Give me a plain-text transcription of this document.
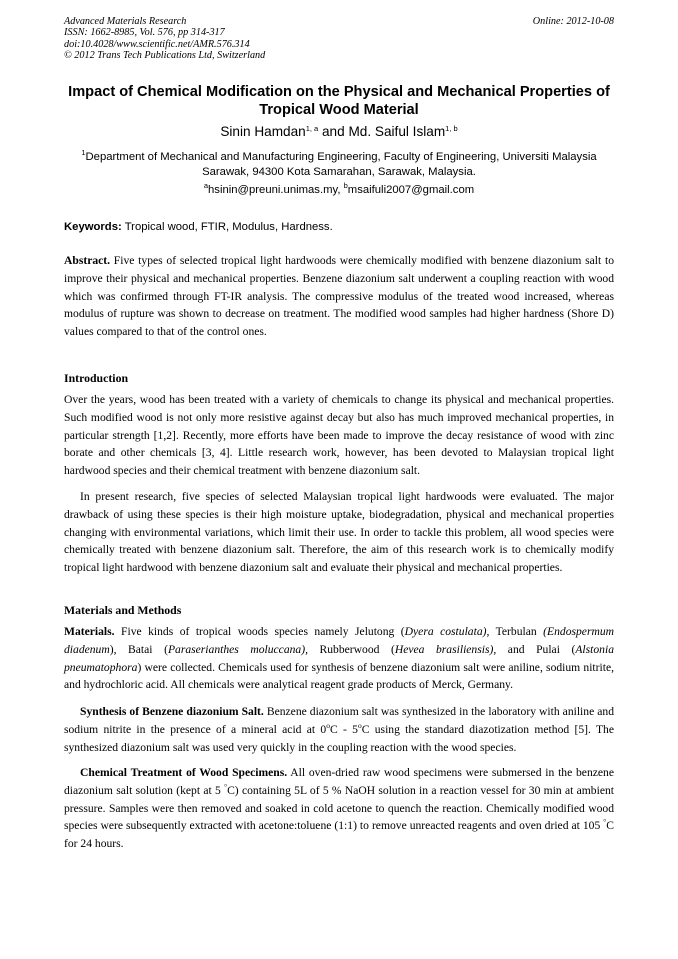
Advanced Materials Research
ISSN: 1662-8985, Vol. 576, pp 314-317
doi:10.4028/www.scientific.net/AMR.576.314
© 2012 Trans Tech Publications Ltd, Switzerland
Online: 2012-10-08
Impact of Chemical Modification on the Physical and Mechanical Properties of Tropical Wood Material
Sinin Hamdan$^{1, a}$ and Md. Saiful Islam$^{1, b}$
$^1$Department of Mechanical and Manufacturing Engineering, Faculty of Engineering, Universiti Malaysia Sarawak, 94300 Kota Samarahan, Sarawak, Malaysia.
$^a$hsinin@preuni.unimas.my, $^b$msaifuli2007@gmail.com
Keywords: Tropical wood, FTIR, Modulus, Hardness.
Abstract. Five types of selected tropical light hardwoods were chemically modified with benzene diazonium salt to improve their physical and mechanical properties. Benzene diazonium salt underwent a coupling reaction with wood which was confirmed through FT-IR analysis. The compressive modulus of the treated wood increased, whereas modulus of rupture was shown to decrease on treatment. The modified wood samples had higher hardness (Shore D) values compared to that of the control ones.
Introduction
Over the years, wood has been treated with a variety of chemicals to change its physical and mechanical properties. Such modified wood is not only more resistive against decay but also has much improved mechanical properties, in particular strength [1,2]. Recently, more efforts have been made to improve the decay resistance of wood with zinc borate and other chemicals [3, 4]. Little research work, however, has been devoted to Malaysian tropical light hardwood species and their chemical treatment with benzene diazonium salt.
In present research, five species of selected Malaysian tropical light hardwoods were evaluated. The major drawback of using these species is their high moisture uptake, biodegradation, physical and mechanical properties changing with environmental variations, which limit their use. In order to tackle this problem, all wood species were chemically treated with benzene diazonium salt. Therefore, the aim of this research work is to chemically modify tropical light hardwood with benzene diazonium salt and evaluate their physical and mechanical properties.
Materials and Methods
Materials. Five kinds of tropical woods species namely Jelutong (Dyera costulata), Terbulan (Endospermum diadenum), Batai (Paraserianthes moluccana), Rubberwood (Hevea brasiliensis), and Pulai (Alstonia pneumatophora) were collected. Chemicals used for synthesis of benzene diazonium salt were aniline, sodium nitrite, and hydrochloric acid. All chemicals were analytical reagent grade products of Merck, Germany.
Synthesis of Benzene diazonium Salt. Benzene diazonium salt was synthesized in the laboratory with aniline and sodium nitrite in the presence of a mineral acid at 0$^o$C - 5$^o$C using the standard diazotization method [5]. The synthesized diazonium salt was used very quickly in the coupling reaction with the wood species.
Chemical Treatment of Wood Specimens. All oven-dried raw wood specimens were submersed in the benzene diazonium salt solution (kept at 5 °C) containing 5L of 5 % NaOH solution in a reaction vessel for 30 min at ambient pressure. Samples were then removed and soaked in cold acetone to quench the reaction. Chemically modified wood species were subsequently extracted with acetone:toluene (1:1) to remove unreacted reagents and oven dried at 105 °C for 24 hours.
